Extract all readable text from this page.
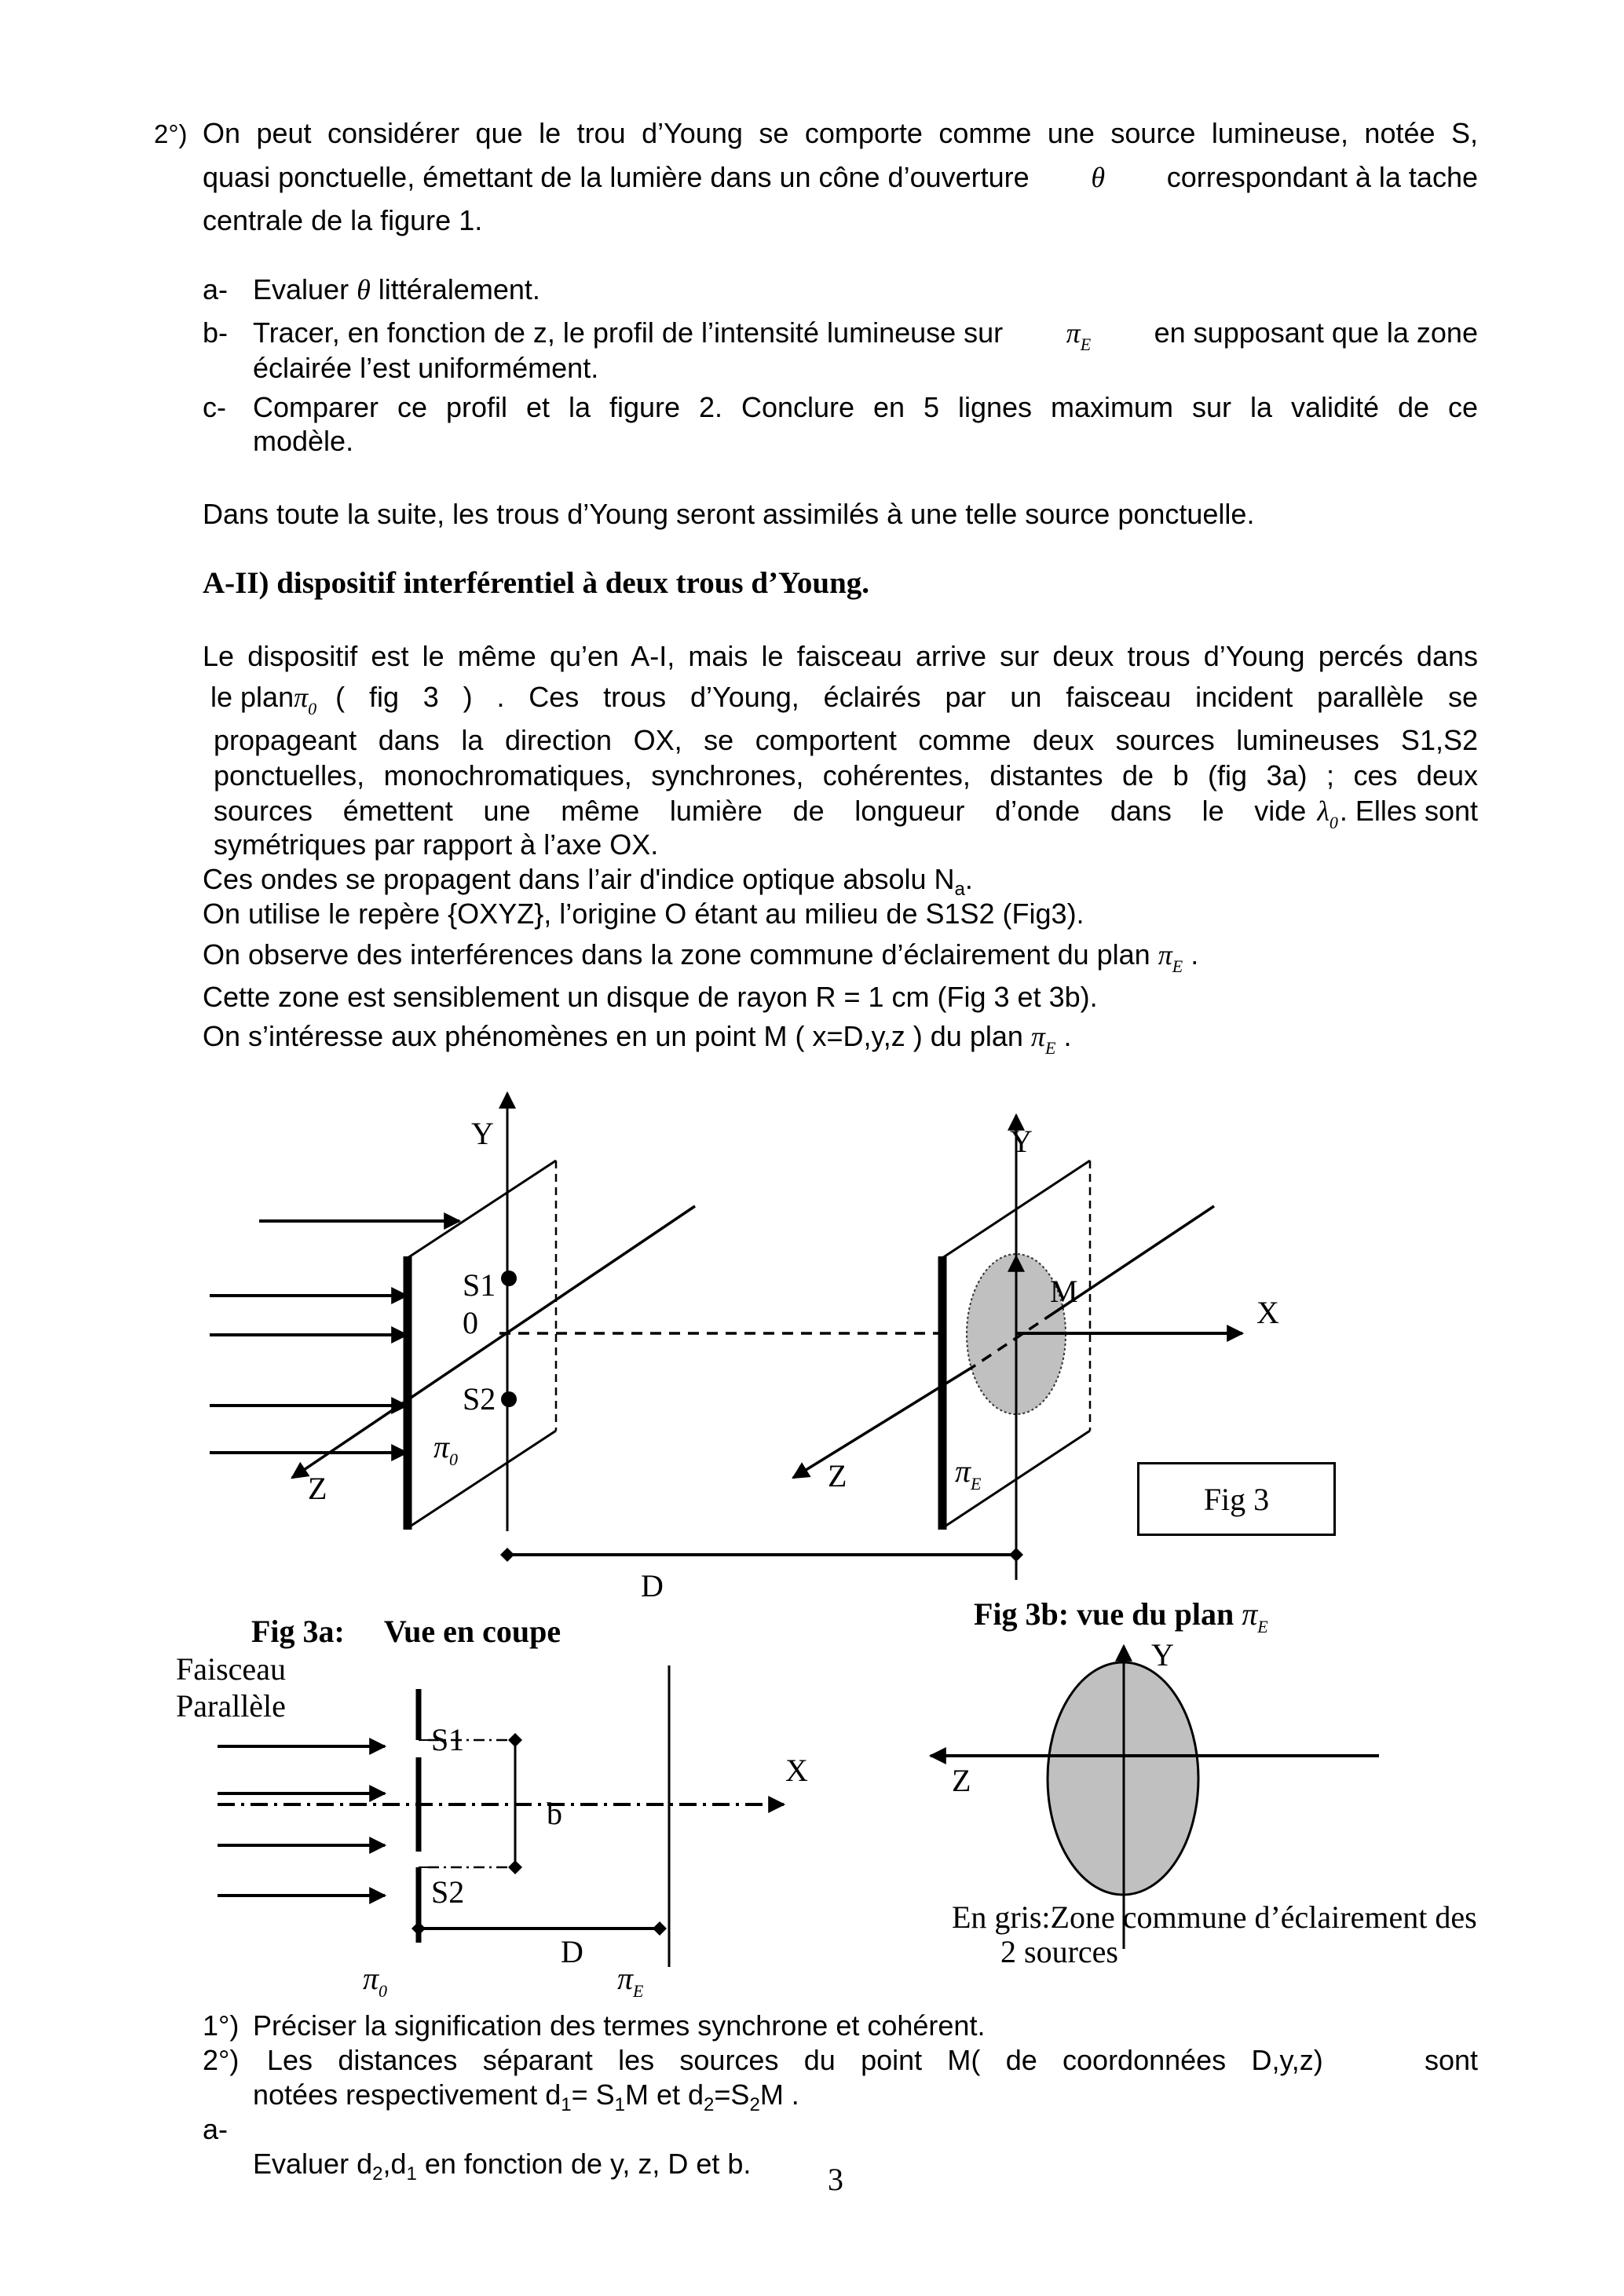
2°) On peut considérer que le trou d’Young se comporte comme une source lumineuse, notée S,
quasi ponctuelle, émettant de la lumière dans un cône d’ouverture θ correspondant à la tache
centrale de la figure 1.
a- Evaluer θ littéralement.
b- Tracer, en fonction de z, le profil de l’intensité lumineuse sur $\pi_E$ en supposant que la zone
éclairée l’est uniformément.
c- Comparer ce profil et la figure 2. Conclure en 5 lignes maximum sur la validité de ce
modèle.
Dans toute la suite, les trous d’Young seront assimilés à une telle source ponctuelle.
A-II) dispositif interférentiel à deux trous d’Young.
Le dispositif est le même qu’en A-I, mais le faisceau arrive sur deux trous d’Young percés dans
le plan $\pi_0$ ( fig 3 ) . Ces trous d’Young, éclairés par un faisceau incident parallèle se
propageant dans la direction OX, se comportent comme deux sources lumineuses S1,S2
ponctuelles, monochromatiques, synchrones, cohérentes, distantes de b (fig 3a) ; ces deux
sources émettent une même lumière de longueur d’onde dans le vide $\lambda_0$ . Elles sont
symétriques par rapport à l’axe OX.
Ces ondes se propagent dans l’air d'indice optique absolu $N_a$.
On utilise le repère {OXYZ}, l’origine O étant au milieu de S1S2 (Fig3).
On observe des interférences dans la zone commune d’éclairement du plan $\pi_E$ .
Cette zone est sensiblement un disque de rayon R = 1 cm (Fig 3 et 3b).
On s’intéresse aux phénomènes en un point M ( x=D,y,z ) du plan $\pi_E$ .
Y	Y
S1
0
S2
M
X
Z	Z
$\pi_0$	$\pi_E$
D
Fig 3
Fig 3a: Vue en coupe
Faisceau
Parallèle
S1
S2
b
X
D
$\pi_0$	$\pi_E$
Fig 3b: vue du plan $\pi_E$
Y
Z
En gris:Zone commune d’éclairement des
2 sources
1°) Préciser la signification des termes synchrone et cohérent.
2°) Les distances séparant les sources du point M( de coordonnées D,y,z)    sont
notées respectivement $d_1= S_1M$ et $d_2=S_2M$ .
a-

Evaluer $d_2,d_1$ en fonction de y, z, D et b. 3
